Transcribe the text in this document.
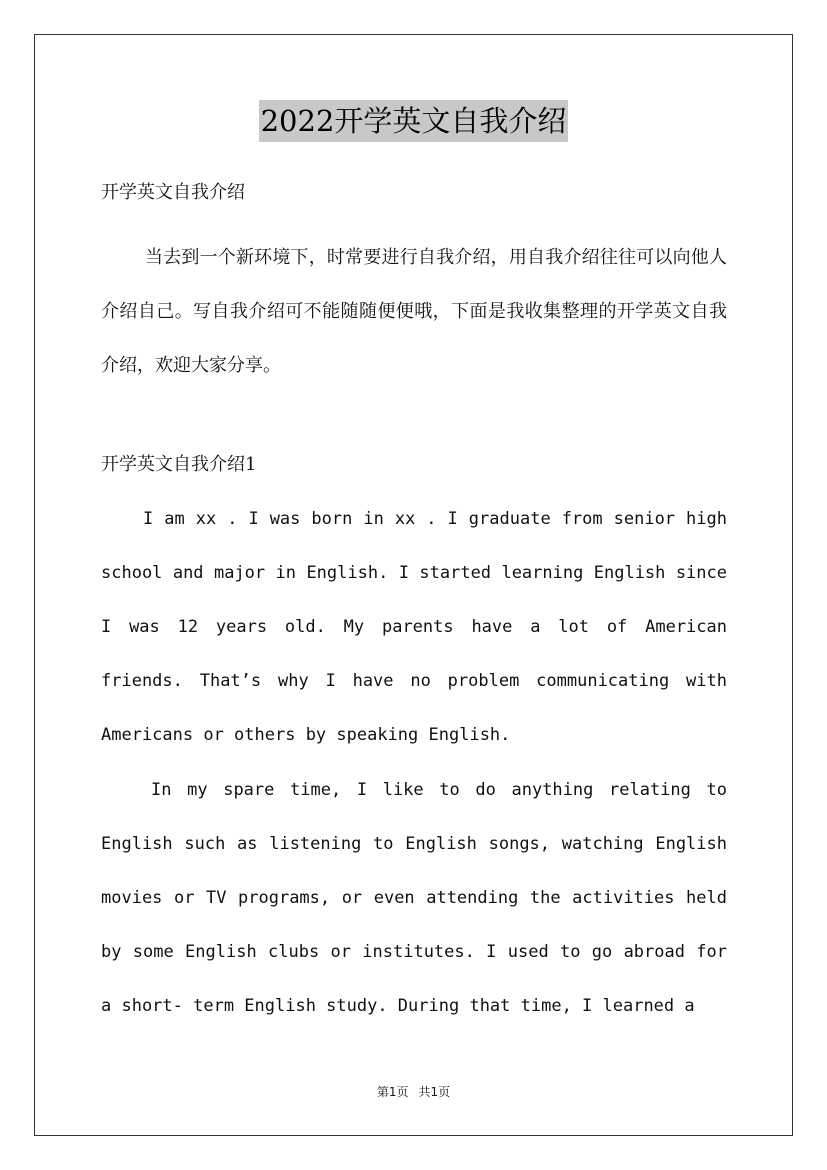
2022开学英文自我介绍
开学英文自我介绍

当去到一个新环境下，时常要进行自我介绍，用自我介绍往往可以向他人介绍自己。写自我介绍可不能随随便便哦，下面是我收集整理的开学英文自我介绍，欢迎大家分享。

开学英文自我介绍1

I am xx . I was born in xx . I graduate from senior high school and major in English. I started learning English since I was 12 years old. My parents have a lot of American friends. That’s why I have no problem communicating with Americans or others by speaking English.

In my spare time, I like to do anything relating to English such as listening to English songs, watching English movies or TV programs, or even attending the activities held by some English clubs or institutes. I used to go abroad for a short- term English study. During that time, I learned a

第1页 共1页
